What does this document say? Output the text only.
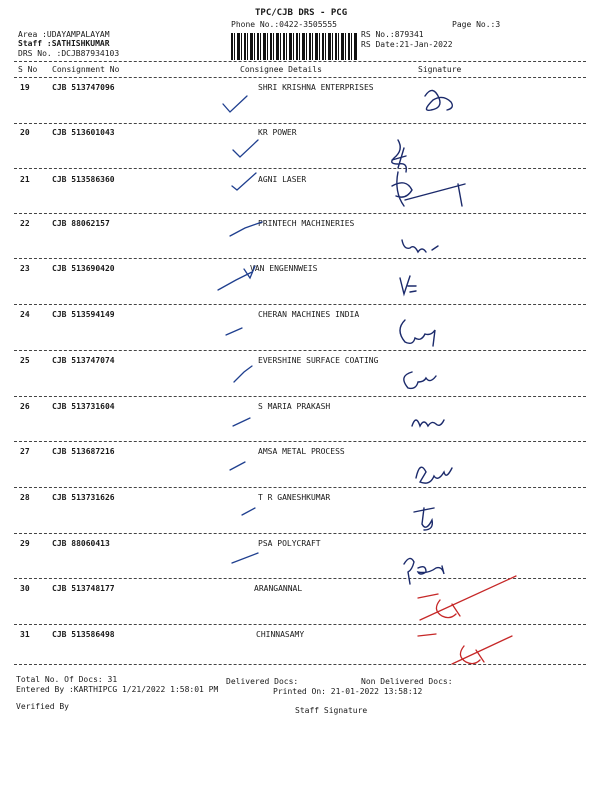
TPC/CJB DRS - PCG
Phone No.:0422-3505555	Page No.:3
Area :UDAYAMPALAYAM
Staff :SATHISHKUMAR
DRS No. :DCJB87934103
RS No.:879341
RS Date:21-Jan-2022
S No Consignment No	Consignee Details	Signature
19	CJB 513747096	SHRI KRISHNA ENTERPRISES
20	CJB 513601043	KR POWER
21	CJB 513586360	AGNI LASER
22	CJB 88062157	PRINTECH MACHINERIES
23	CJB 513690420	VAN ENGENNWEIS
24	CJB 513594149	CHERAN MACHINES INDIA
25	CJB 513747074	EVERSHINE SURFACE COATING
26	CJB 513731604	S MARIA PRAKASH
27	CJB 513687216	AMSA METAL PROCESS
28	CJB 513731626	T R GANESHKUMAR
29	CJB 88060413	PSA POLYCRAFT
30	CJB 513748177	ARANGANNAL
31	CJB 513586498	CHINNASAMY
Total No. Of Docs: 31	Delivered Docs:	Non Delivered Docs:
Entered By :KARTHIPCG 1/21/2022 1:58:01 PM	Printed On: 21-01-2022 13:58:12
Verified By	Staff Signature
